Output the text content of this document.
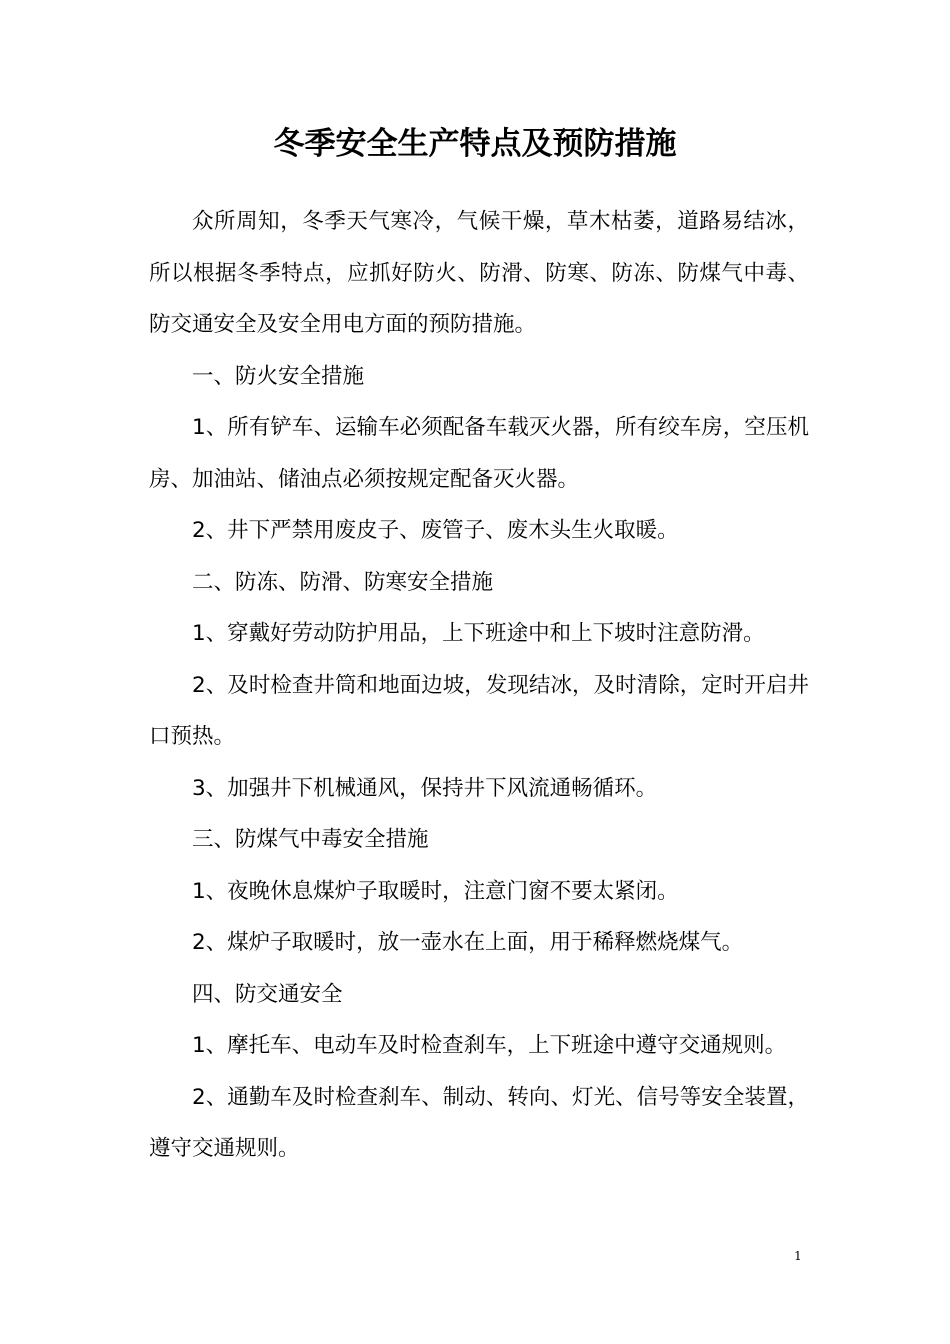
冬季安全生产特点及预防措施

众所周知，冬季天气寒冷，气候干燥，草木枯萎，道路易结冰，所以根据冬季特点，应抓好防火、防滑、防寒、防冻、防煤气中毒、防交通安全及安全用电方面的预防措施。

一、防火安全措施

1、所有铲车、运输车必须配备车载灭火器，所有绞车房，空压机房、加油站、储油点必须按规定配备灭火器。

2、井下严禁用废皮子、废管子、废木头生火取暖。

二、防冻、防滑、防寒安全措施

1、穿戴好劳动防护用品，上下班途中和上下坡时注意防滑。

2、及时检查井筒和地面边坡，发现结冰，及时清除，定时开启井口预热。

3、加强井下机械通风，保持井下风流通畅循环。

三、防煤气中毒安全措施

1、夜晚休息煤炉子取暖时，注意门窗不要太紧闭。

2、煤炉子取暖时，放一壶水在上面，用于稀释燃烧煤气。

四、防交通安全

1、摩托车、电动车及时检查刹车，上下班途中遵守交通规则。

2、通勤车及时检查刹车、制动、转向、灯光、信号等安全装置，遵守交通规则。

1
